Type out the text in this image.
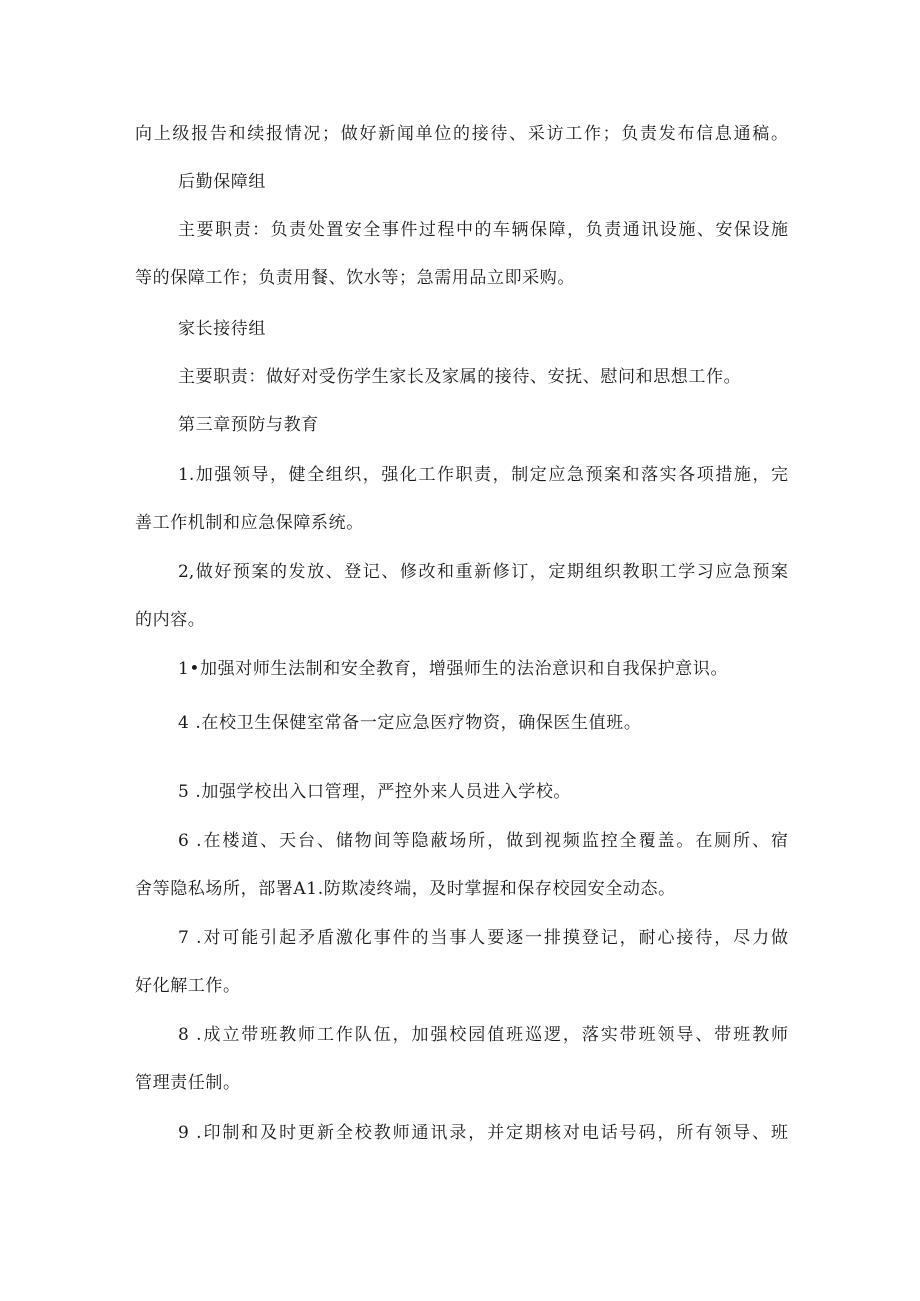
向上级报告和续报情况；做好新闻单位的接待、采访工作；负责发布信息通稿。
后勤保障组
主要职责：负责处置安全事件过程中的车辆保障，负责通讯设施、安保设施
等的保障工作；负责用餐、饮水等；急需用品立即采购。
家长接待组
主要职责：做好对受伤学生家长及家属的接待、安抚、慰问和思想工作。
第三章预防与教育
1.加强领导，健全组织，强化工作职责，制定应急预案和落实各项措施，完
善工作机制和应急保障系统。
2,做好预案的发放、登记、修改和重新修订，定期组织教职工学习应急预案
的内容。
1•加强对师生法制和安全教育，增强师生的法治意识和自我保护意识。
4 .在校卫生保健室常备一定应急医疗物资，确保医生值班。
5 .加强学校出入口管理，严控外来人员进入学校。
6 .在楼道、天台、储物间等隐蔽场所，做到视频监控全覆盖。在厕所、宿
舍等隐私场所，部署A1.防欺凌终端，及时掌握和保存校园安全动态。
7 .对可能引起矛盾激化事件的当事人要逐一排摸登记，耐心接待，尽力做
好化解工作。
8 .成立带班教师工作队伍，加强校园值班巡逻，落实带班领导、带班教师
管理责任制。
9 .印制和及时更新全校教师通讯录，并定期核对电话号码，所有领导、班
